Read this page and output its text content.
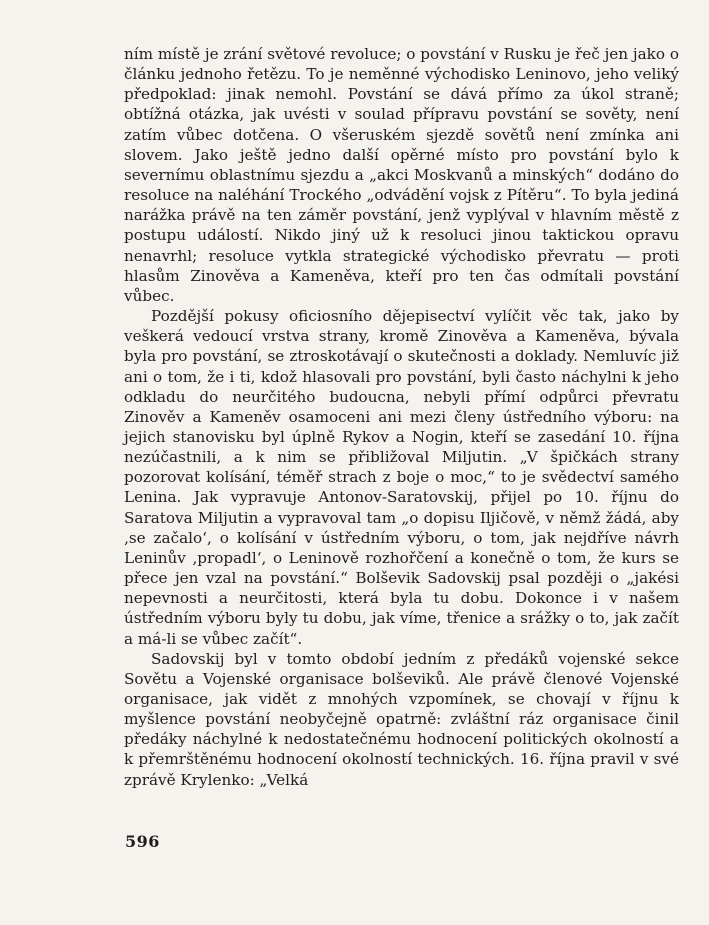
ním místě je zrání světové revoluce; o povstání v Rusku je řeč jen jako o článku jednoho řetězu. To je neměnné východisko Leninovo, jeho veliký předpoklad: jinak nemohl. Povstání se dává přímo za úkol straně; obtížná otázka, jak uvésti v soulad přípravu povstání se sověty, není zatím vůbec dotčena. O všeruském sjezdě sovětů není zmínka ani slovem. Jako ještě jedno další opěrné místo pro povstání bylo k severnímu oblastnímu sjezdu a „akci Moskvanů a minských“ dodáno do resoluce na naléhání Trockého „odvádění vojsk z Pítěru“. To byla jediná narážka právě na ten záměr povstání, jenž vyplýval v hlavním městě z postupu událostí. Nikdo jiný už k resoluci jinou taktickou opravu nenavrhl; resoluce vytkla strategické východisko převratu — proti hlasům Zinověva a Kameněva, kteří pro ten čas odmítali povstání vůbec.

Pozdější pokusy oficiosního dějepisectví vylíčit věc tak, jako by veškerá vedoucí vrstva strany, kromě Zinověva a Kameněva, bývala byla pro povstání, se ztroskotávají o skutečnosti a doklady. Nemluvíc již ani o tom, že i ti, kdož hlasovali pro povstání, byli často náchylni k jeho odkladu do neurčitého budoucna, nebyli přímí odpůrci převratu Zinověv a Kameněv osamoceni ani mezi členy ústředního výboru: na jejich stanovisku byl úplně Rykov a Nogin, kteří se zasedání 10. října nezúčastnili, a k nim se přibližoval Miljutin. „V špičkách strany pozorovat kolísání, téměř strach z boje o moc,“ to je svědectví samého Lenina. Jak vypravuje Antonov-Saratovskij, přijel po 10. říjnu do Saratova Miljutin a vypravoval tam „o dopisu Iljičově, v němž žádá, aby ‚se začalo‘, o kolísání v ústředním výboru, o tom, jak nejdříve návrh Leninův ‚propadl‘, o Leninově rozhořčení a konečně o tom, že kurs se přece jen vzal na povstání.“ Bolševik Sadovskij psal později o „jakési nepevnosti a neurčitosti, která byla tu dobu. Dokonce i v našem ústředním výboru byly tu dobu, jak víme, třenice a srážky o to, jak začít a má-li se vůbec začít“.

Sadovskij byl v tomto období jedním z předáků vojenské sekce Sovětu a Vojenské organisace bolševiků. Ale právě členové Vojenské organisace, jak vidět z mnohých vzpomínek, se chovají v říjnu k myšlence povstání neobyčejně opatrně: zvláštní ráz organisace činil předáky náchylné k nedostatečnému hodnocení politických okolností a k přemrštěnému hodnocení okolností technických. 16. října pravil v své zprávě Krylenko: „Velká

596
